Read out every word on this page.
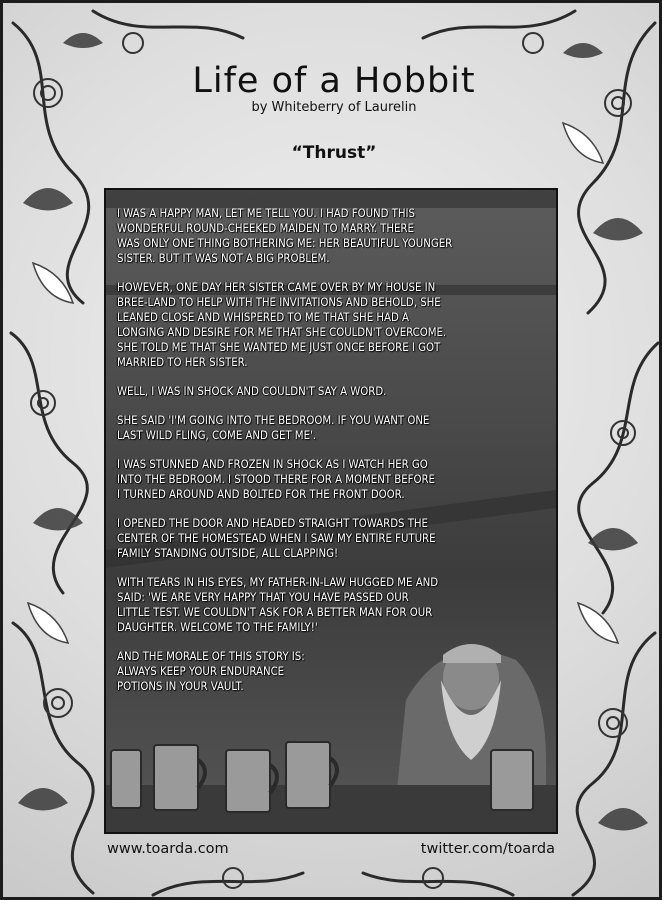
Life of a Hobbit
by Whiteberry of Laurelin
“Thrust”

I WAS A HAPPY MAN, LET ME TELL YOU. I HAD FOUND THIS
WONDERFUL ROUND-CHEEKED MAIDEN TO MARRY. THERE
WAS ONLY ONE THING BOTHERING ME: HER BEAUTIFUL YOUNGER
SISTER. BUT IT WAS NOT A BIG PROBLEM.

HOWEVER, ONE DAY HER SISTER CAME OVER BY MY HOUSE IN
BREE-LAND TO HELP WITH THE INVITATIONS AND BEHOLD, SHE
LEANED CLOSE AND WHISPERED TO ME THAT SHE HAD A
LONGING AND DESIRE FOR ME THAT SHE COULDN'T OVERCOME.
SHE TOLD ME THAT SHE WANTED ME JUST ONCE BEFORE I GOT
MARRIED TO HER SISTER.

WELL, I WAS IN SHOCK AND COULDN'T SAY A WORD.

SHE SAID 'I'M GOING INTO THE BEDROOM. IF YOU WANT ONE
LAST WILD FLING, COME AND GET ME'.

I WAS STUNNED AND FROZEN IN SHOCK AS I WATCH HER GO
INTO THE BEDROOM. I STOOD THERE FOR A MOMENT BEFORE
I TURNED AROUND AND BOLTED FOR THE FRONT DOOR.

I OPENED THE DOOR AND HEADED STRAIGHT TOWARDS THE
CENTER OF THE HOMESTEAD WHEN I SAW MY ENTIRE FUTURE
FAMILY STANDING OUTSIDE, ALL CLAPPING!

WITH TEARS IN HIS EYES, MY FATHER-IN-LAW HUGGED ME AND
SAID: 'WE ARE VERY HAPPY THAT YOU HAVE PASSED OUR
LITTLE TEST. WE COULDN'T ASK FOR A BETTER MAN FOR OUR
DAUGHTER. WELCOME TO THE FAMILY!'

AND THE MORALE OF THIS STORY IS:
ALWAYS KEEP YOUR ENDURANCE
POTIONS IN YOUR VAULT.

www.toarda.com	twitter.com/toarda
